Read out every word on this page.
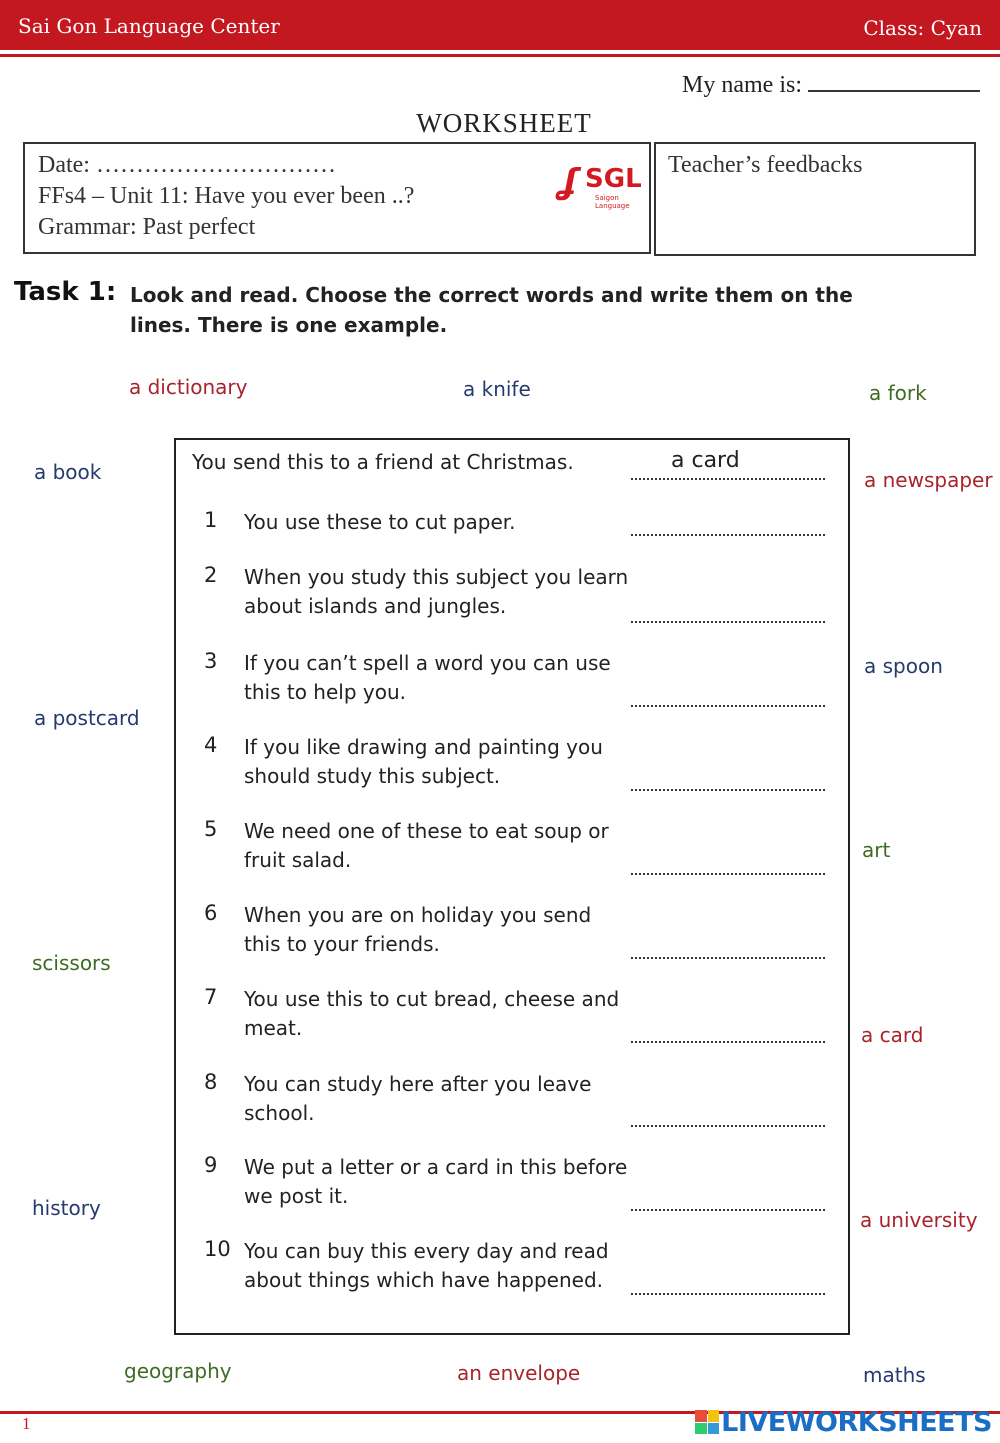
Sai Gon Language Center	Class: Cyan
My name is:
WORKSHEET
Date: …………………………
FFs4 – Unit 11: Have you ever been ..?
Grammar: Past perfect
ʆ SGL
Saigon Language
Teacher’s feedbacks
Task 1: Look and read. Choose the correct words and write them on the lines. There is one example.
a dictionary	a knife	a fork
a book	a newspaper
a spoon
a postcard
art
scissors
a card
history	a university
geography	an envelope	maths
You send this to a friend at Christmas.	a card
1 You use these to cut paper.
2 When you study this subject you learn about islands and jungles.
3 If you can’t spell a word you can use this to help you.
4 If you like drawing and painting you should study this subject.
5 We need one of these to eat soup or fruit salad.
6 When you are on holiday you send this to your friends.
7 You use this to cut bread, cheese and meat.
8 You can study here after you leave school.
9 We put a letter or a card in this before we post it.
10 You can buy this every day and read about things which have happened.
1	LIVEWORKSHEETS
